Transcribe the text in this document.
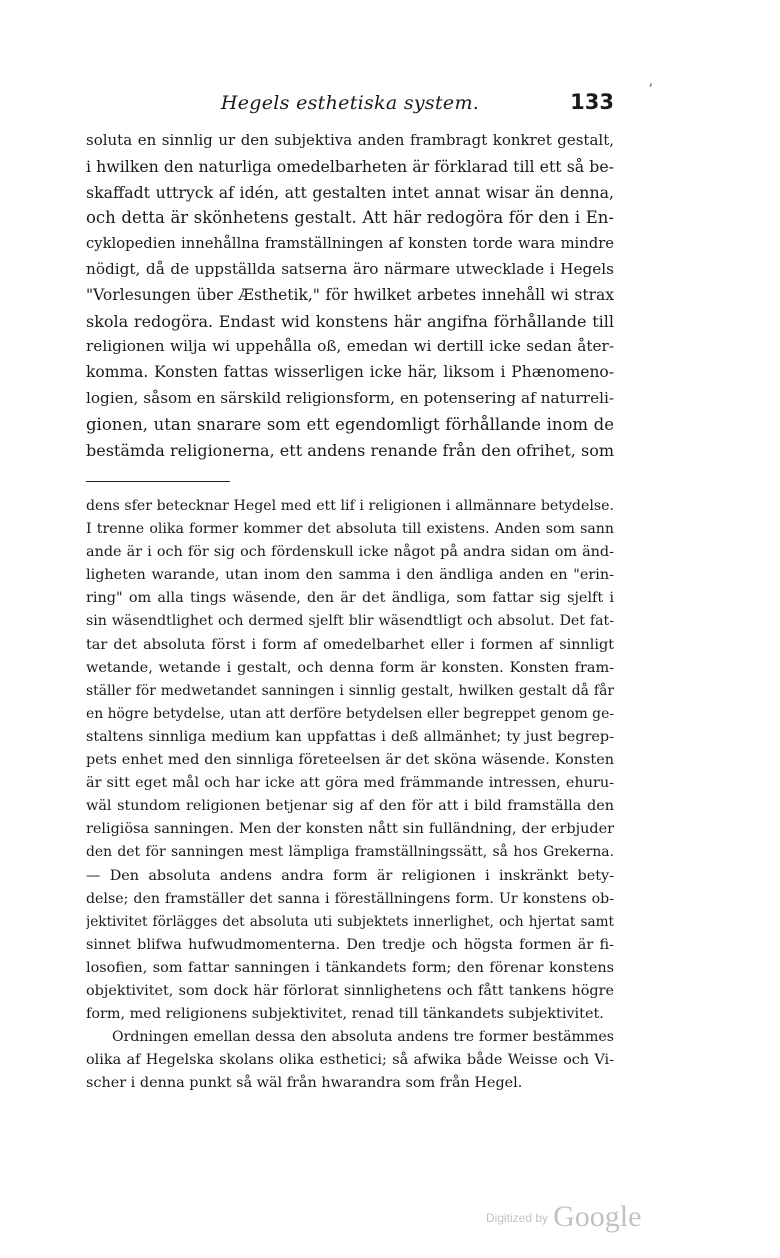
Hegels esthetiska system.	133 ʼ
soluta en sinnlig ur den subjektiva anden frambragt konkret gestalt,
i hwilken den naturliga omedelbarheten är förklarad till ett så be-
skaffadt uttryck af idén, att gestalten intet annat wisar än denna,
och detta är skönhetens gestalt. Att här redogöra för den i En-
cyklopedien innehållna framställningen af konsten torde wara mindre
nödigt, då de uppställda satserna äro närmare utwecklade i Hegels
"Vorlesungen über Æsthetik," för hwilket arbetes innehåll wi strax
skola redogöra. Endast wid konstens här angifna förhållande till
religionen wilja wi uppehålla oß, emedan wi dertill icke sedan åter-
komma. Konsten fattas wisserligen icke här, liksom i Phænomeno-
logien, såsom en särskild religionsform, en potensering af naturreli-
gionen, utan snarare som ett egendomligt förhållande inom de
bestämda religionerna, ett andens renande från den ofrihet, som
dens sfer betecknar Hegel med ett lif i religionen i allmännare betydelse.
I trenne olika former kommer det absoluta till existens. Anden som sann
ande är i och för sig och fördenskull icke något på andra sidan om änd-
ligheten warande, utan inom den samma i den ändliga anden en "erin-
ring" om alla tings wäsende, den är det ändliga, som fattar sig sjelft i
sin wäsendtlighet och dermed sjelft blir wäsendtligt och absolut. Det fat-
tar det absoluta först i form af omedelbarhet eller i formen af sinnligt
wetande, wetande i gestalt, och denna form är konsten. Konsten fram-
ställer för medwetandet sanningen i sinnlig gestalt, hwilken gestalt då får
en högre betydelse, utan att derföre betydelsen eller begreppet genom ge-
staltens sinnliga medium kan uppfattas i deß allmänhet; ty just begrep-
pets enhet med den sinnliga företeelsen är det sköna wäsende. Konsten
är sitt eget mål och har icke att göra med främmande intressen, ehuru-
wäl stundom religionen betjenar sig af den för att i bild framställa den
religiösa sanningen. Men der konsten nått sin fulländning, der erbjuder
den det för sanningen mest lämpliga framställningssätt, så hos Grekerna.
— Den absoluta andens andra form är religionen i inskränkt bety-
delse; den framställer det sanna i föreställningens form. Ur konstens ob-
jektivitet förlägges det absoluta uti subjektets innerlighet, och hjertat samt
sinnet blifwa hufwudmomenterna. Den tredje och högsta formen är fi-
losofien, som fattar sanningen i tänkandets form; den förenar konstens
objektivitet, som dock här förlorat sinnlighetens och fått tankens högre
form, med religionens subjektivitet, renad till tänkandets subjektivitet.
Ordningen emellan dessa den absoluta andens tre former bestämmes
olika af Hegelska skolans olika esthetici; så afwika både Weisse och Vi-
scher i denna punkt så wäl från hwarandra som från Hegel.
$^{Digitized by}$ Google
